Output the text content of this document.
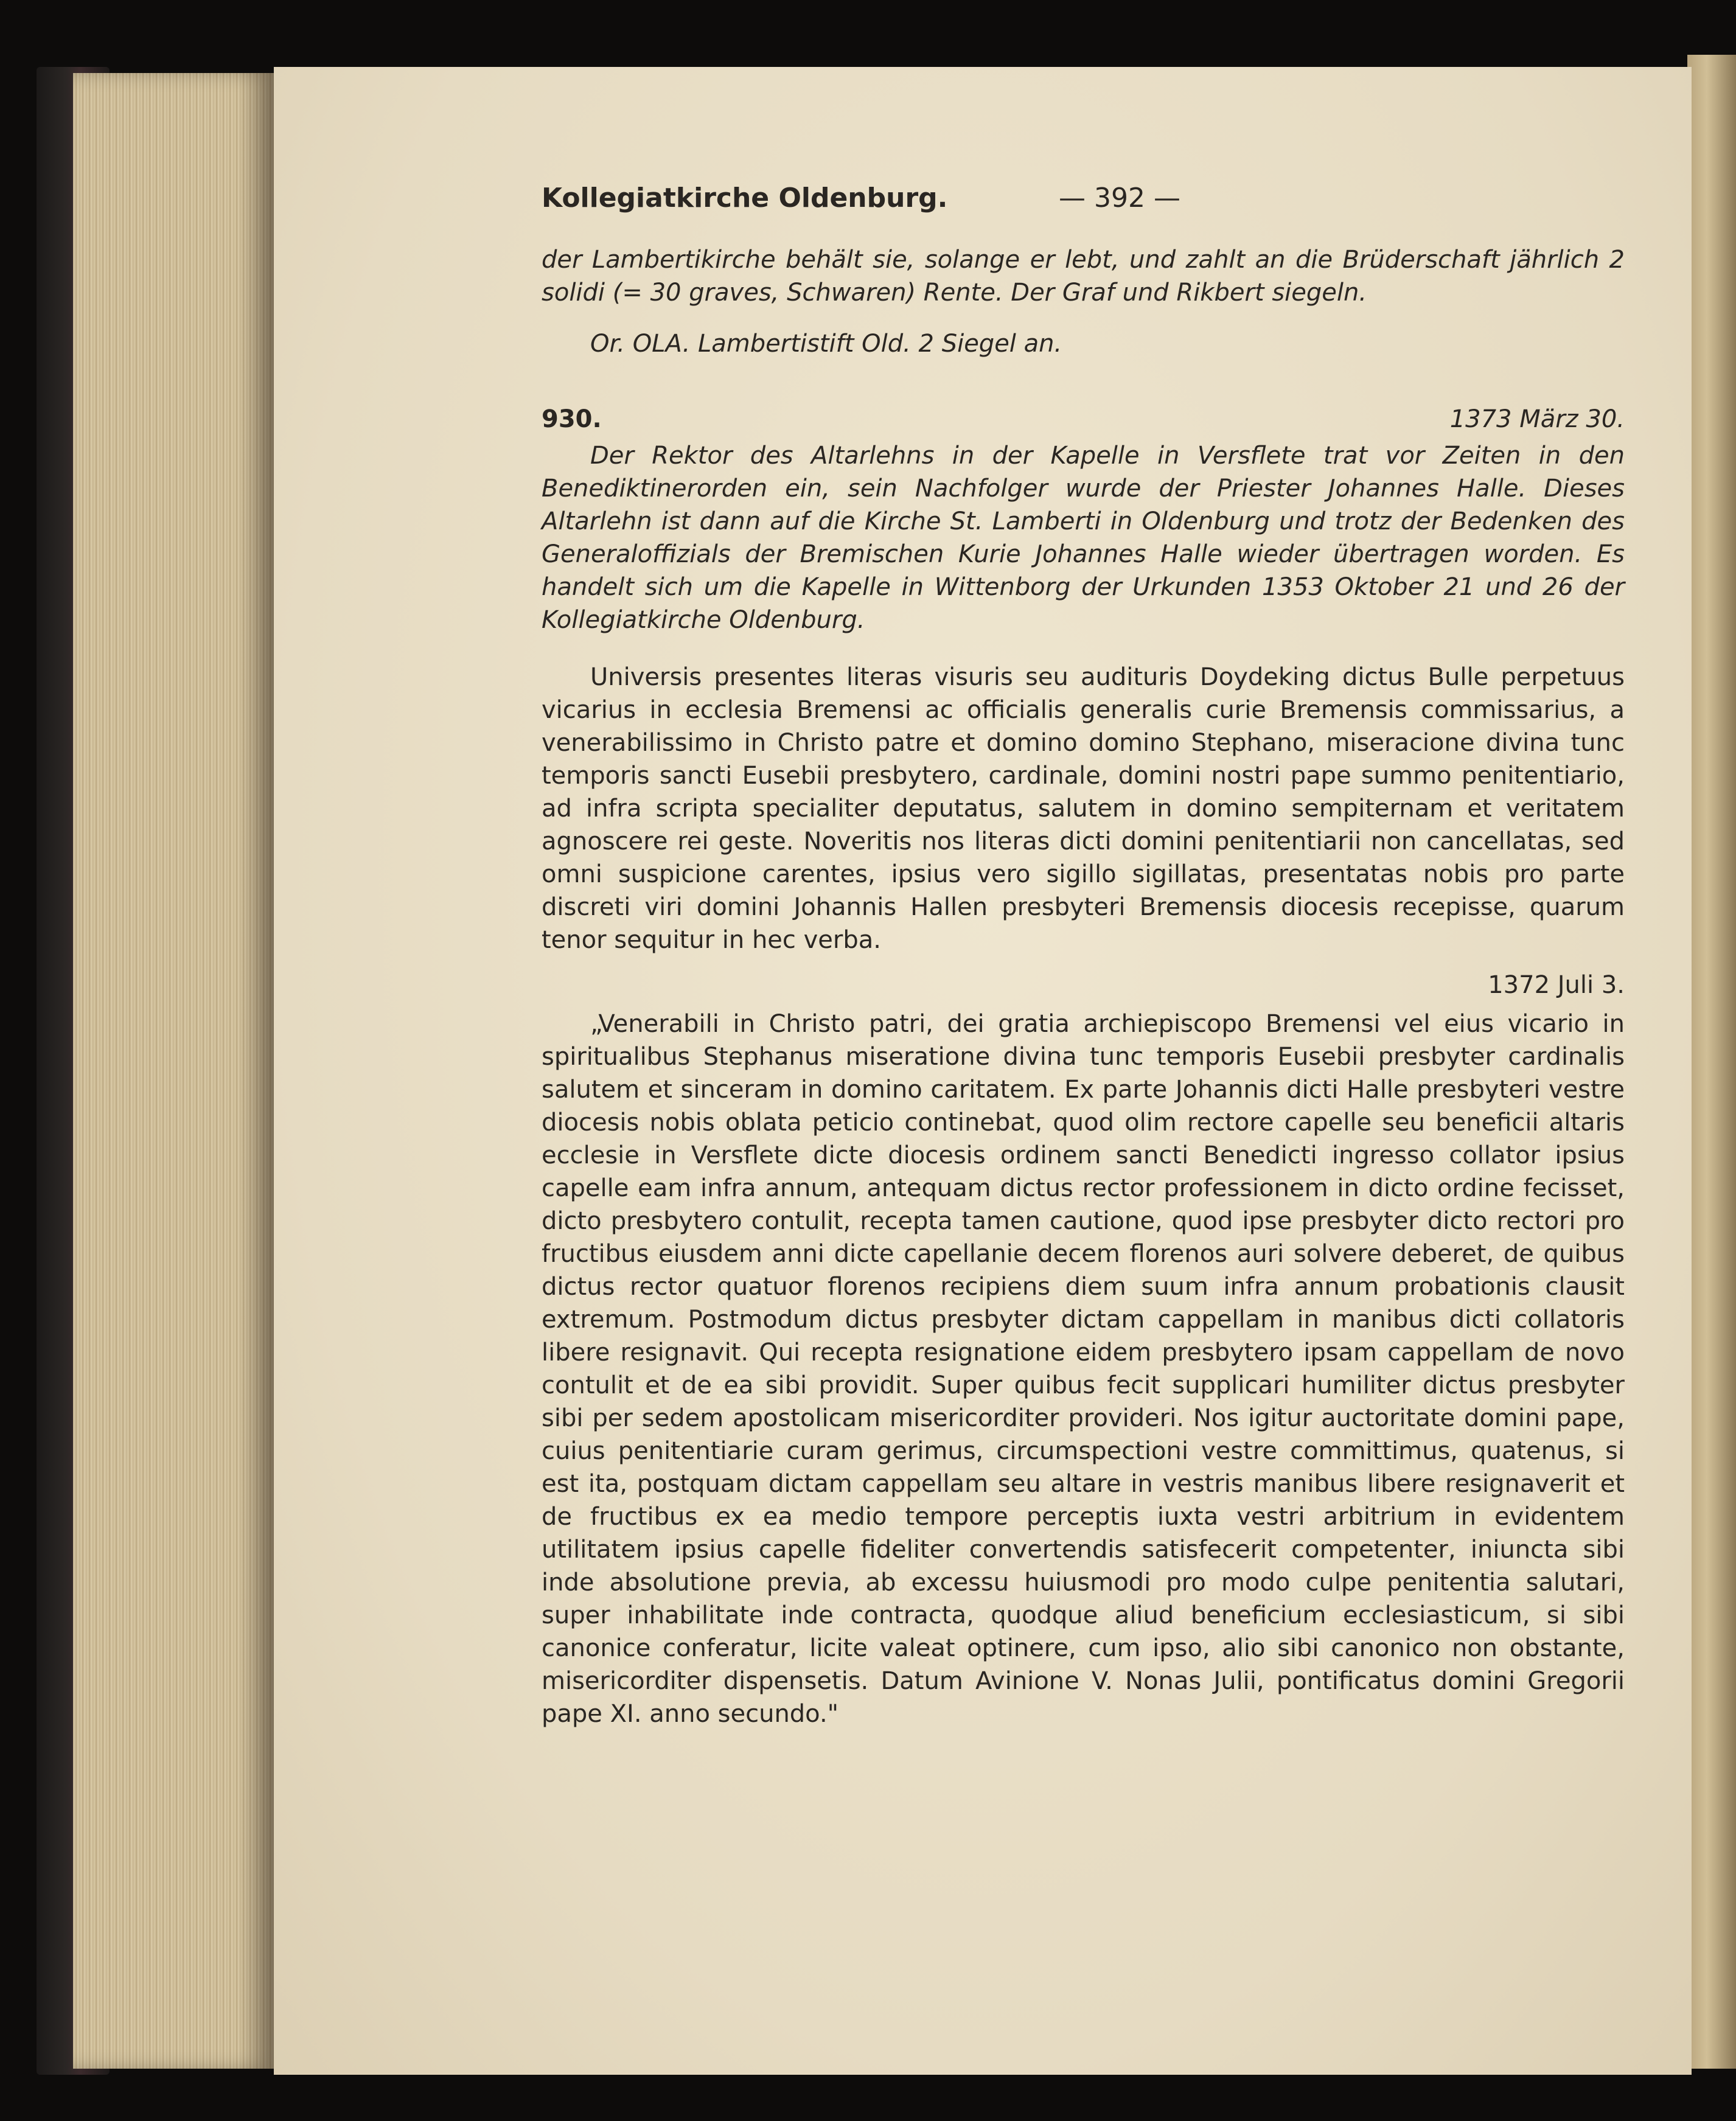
Kollegiatkirche Oldenburg.	— 392 —

der Lambertikirche behält sie, solange er lebt, und zahlt an die Brüderschaft jährlich 2 solidi (= 30 graves, Schwaren) Rente. Der Graf und Rikbert siegeln.

Or. OLA. Lambertistift Old. 2 Siegel an.

930.	1373 März 30.

Der Rektor des Altarlehns in der Kapelle in Versflete trat vor Zeiten in den Benediktinerorden ein, sein Nachfolger wurde der Priester Johannes Halle. Dieses Altarlehn ist dann auf die Kirche St. Lamberti in Oldenburg und trotz der Bedenken des Generaloffizials der Bremischen Kurie Johannes Halle wieder übertragen worden. Es handelt sich um die Kapelle in Wittenborg der Urkunden 1353 Oktober 21 und 26 der Kollegiatkirche Oldenburg.

Universis presentes literas visuris seu audituris Doydeking dictus Bulle perpetuus vicarius in ecclesia Bremensi ac officialis generalis curie Bremensis commissarius, a venerabilissimo in Christo patre et domino domino Stephano, miseracione divina tunc temporis sancti Eusebii presbytero, cardinale, domini nostri pape summo penitentiario, ad infra scripta specialiter deputatus, salutem in domino sempiternam et veritatem agnoscere rei geste. Noveritis nos literas dicti domini penitentiarii non cancellatas, sed omni suspicione carentes, ipsius vero sigillo sigillatas, presentatas nobis pro parte discreti viri domini Johannis Hallen presbyteri Bremensis diocesis recepisse, quarum tenor sequitur in hec verba.

1372 Juli 3.

„Venerabili in Christo patri, dei gratia archiepiscopo Bremensi vel eius vicario in spiritualibus Stephanus miseratione divina tunc temporis Eusebii presbyter cardinalis salutem et sinceram in domino caritatem. Ex parte Johannis dicti Halle presbyteri vestre diocesis nobis oblata peticio continebat, quod olim rectore capelle seu beneficii altaris ecclesie in Versflete dicte diocesis ordinem sancti Benedicti ingresso collator ipsius capelle eam infra annum, antequam dictus rector professionem in dicto ordine fecisset, dicto presbytero contulit, recepta tamen cautione, quod ipse presbyter dicto rectori pro fructibus eiusdem anni dicte capellanie decem florenos auri solvere deberet, de quibus dictus rector quatuor florenos recipiens diem suum infra annum probationis clausit extremum. Postmodum dictus presbyter dictam cappellam in manibus dicti collatoris libere resignavit. Qui recepta resignatione eidem presbytero ipsam cappellam de novo contulit et de ea sibi providit. Super quibus fecit supplicari humiliter dictus presbyter sibi per sedem apostolicam misericorditer provideri. Nos igitur auctoritate domini pape, cuius penitentiarie curam gerimus, circumspectioni vestre committimus, quatenus, si est ita, postquam dictam cappellam seu altare in vestris manibus libere resignaverit et de fructibus ex ea medio tempore perceptis iuxta vestri arbitrium in evidentem utilitatem ipsius capelle fideliter convertendis satisfecerit competenter, iniuncta sibi inde absolutione previa, ab excessu huiusmodi pro modo culpe penitentia salutari, super inhabilitate inde contracta, quodque aliud beneficium ecclesiasticum, si sibi canonice conferatur, licite valeat optinere, cum ipso, alio sibi canonico non obstante, misericorditer dispensetis. Datum Avinione V. Nonas Julii, pontificatus domini Gregorii pape XI. anno secundo."
